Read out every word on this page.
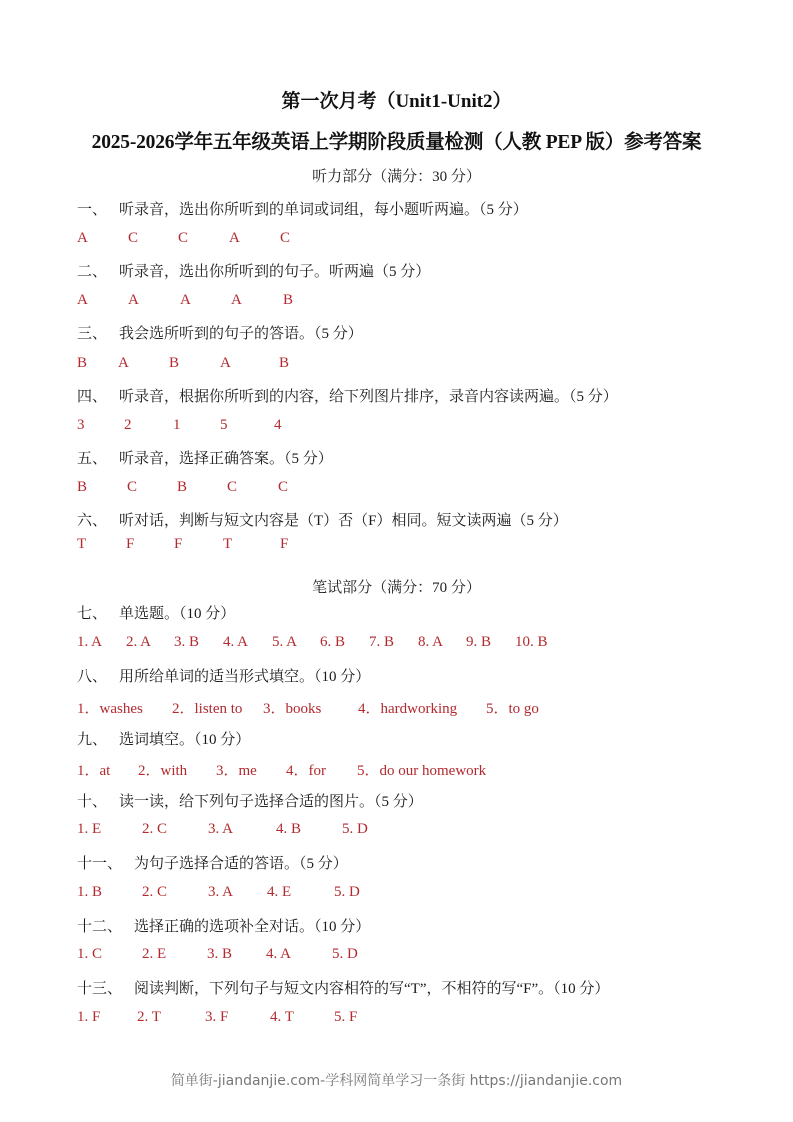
第一次月考（Unit1-Unit2）
2025-2026学年五年级英语上学期阶段质量检测（人教 PEP 版）参考答案
听力部分（满分：30 分）
一、 听录音，选出你所听到的单词或词组，每小题听两遍。（5 分）
A	C	C	A	C
二、 听录音，选出你所听到的句子。听两遍（5 分）
A	A	A	A	B
三、 我会选所听到的句子的答语。（5 分）
B A	B	A	B
四、 听录音，根据你所听到的内容，给下列图片排序，录音内容读两遍。（5 分）
3	2	1	5	4
五、 听录音，选择正确答案。（5 分）
B	C	B	C	C
六、 听对话，判断与短文内容是（T）否（F）相同。短文读两遍（5 分）
T	F	F	T	F
笔试部分（满分：70 分）
七、 单选题。（10 分）
1. A 2. A 3. B 4. A 5. A 6. B 7. B 8. A 9. B 10. B
八、 用所给单词的适当形式填空。（10 分）
1．washes 2．listen to 3．books 4．hardworking 5．to go
九、 选词填空。（10 分）
1．at 2．with 3．me 4．for 5．do our homework
十、 读一读，给下列句子选择合适的图片。（5 分）
1. E	2. C	3. A	4. B	5. D
十一、 为句子选择合适的答语。（5 分）
1. B	2. C	3. A 4. E	5. D
十二、 选择正确的选项补全对话。（10 分）
1. C	2. E	3. B 4. A	5. D
十三、 阅读判断，下列句子与短文内容相符的写“T”，不相符的写“F”。（10 分）
1. F 2. T	3. F	4. T	5. F
简单街-jiandanjie.com-学科网简单学习一条街 https://jiandanjie.com
